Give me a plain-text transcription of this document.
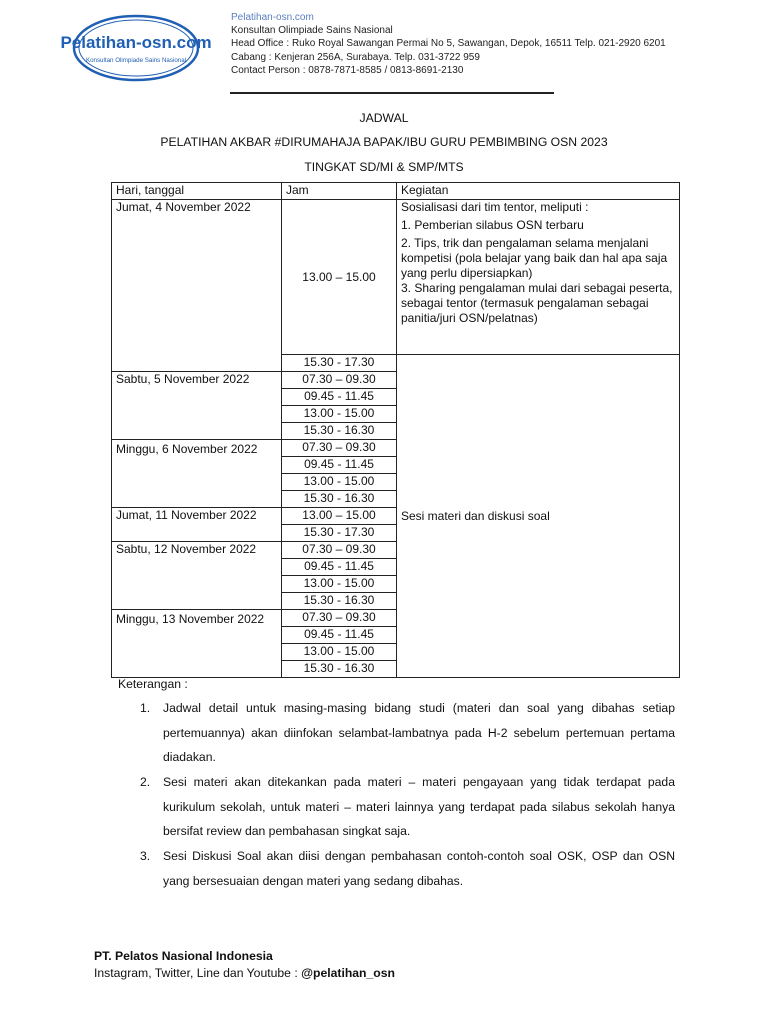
Pelatihan-osn.com
Konsultan Olimpiade Sains Nasional
Pelatihan-osn.com
Konsultan Olimpiade Sains Nasional
Head Office : Ruko Royal Sawangan Permai No 5, Sawangan, Depok, 16511 Telp. 021-2920 6201
Cabang : Kenjeran 256A, Surabaya. Telp. 031-3722 959
Contact Person : 0878-7871-8585 / 0813-8691-2130
JADWAL
PELATIHAN AKBAR #DIRUMAHAJA BAPAK/IBU GURU PEMBIMBING OSN 2023
TINGKAT SD/MI & SMP/MTS
Hari, tanggal	Jam	Kegiatan
Jumat, 4 November 2022	13.00 – 15.00	Sosialisasi dari tim tentor, meliputi :
1. Pemberian silabus OSN terbaru
2. Tips, trik dan pengalaman selama menjalani kompetisi (pola belajar yang baik dan hal apa saja yang perlu dipersiapkan)
3. Sharing pengalaman mulai dari sebagai peserta, sebagai tentor (termasuk pengalaman sebagai panitia/juri OSN/pelatnas)

	15.30 - 17.30	Sesi materi dan diskusi soal
Sabtu, 5 November 2022	07.30 – 09.30	
	09.45 - 11.45	
	13.00 - 15.00	
	15.30 - 16.30	
Minggu, 6 November 2022	07.30 – 09.30	
	09.45 - 11.45	
	13.00 - 15.00	
	15.30 - 16.30	
Jumat, 11 November 2022	13.00 – 15.00	
	15.30 - 17.30	
Sabtu, 12 November 2022	07.30 – 09.30	
	09.45 - 11.45	
	13.00 - 15.00	
	15.30 - 16.30	
Minggu, 13 November 2022	07.30 – 09.30	
	09.45 - 11.45	
	13.00 - 15.00	
	15.30 - 16.30	
Keterangan :
1. Jadwal detail untuk masing-masing bidang studi (materi dan soal yang dibahas setiap pertemuannya) akan diinfokan selambat-lambatnya pada H-2 sebelum pertemuan pertama diadakan.
2. Sesi materi akan ditekankan pada materi – materi pengayaan yang tidak terdapat pada kurikulum sekolah, untuk materi – materi lainnya yang terdapat pada silabus sekolah hanya bersifat review dan pembahasan singkat saja.
3. Sesi Diskusi Soal akan diisi dengan pembahasan contoh-contoh soal OSK, OSP dan OSN yang bersesuaian dengan materi yang sedang dibahas.
PT. Pelatos Nasional Indonesia
Instagram, Twitter, Line dan Youtube : @pelatihan_osn
